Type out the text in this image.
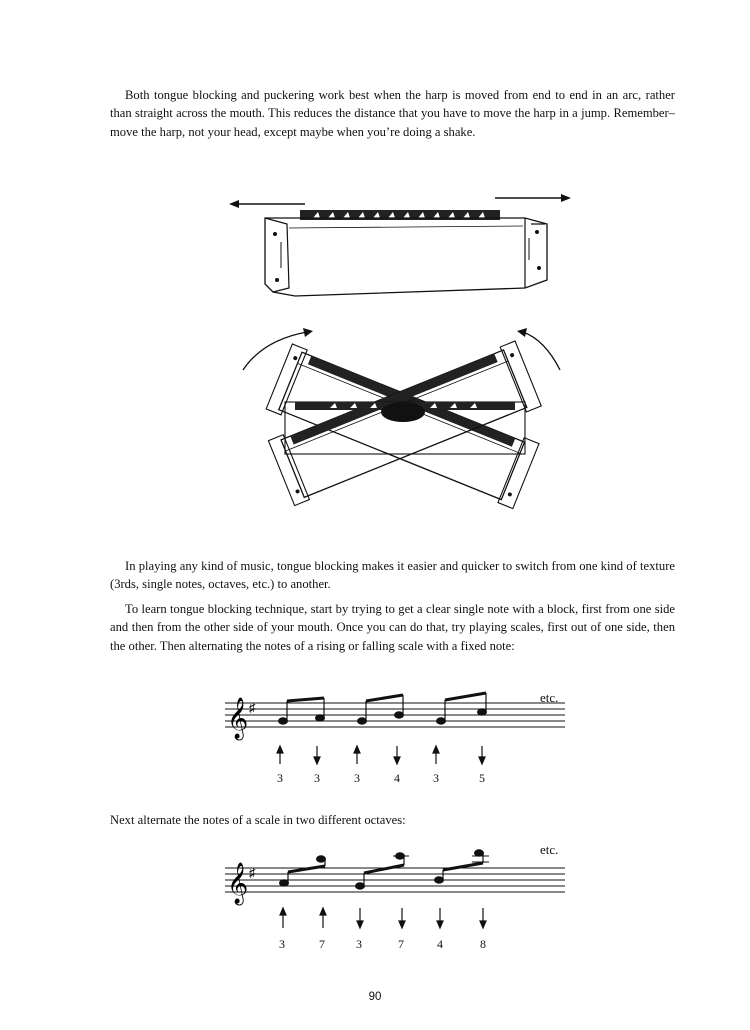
Both tongue blocking and puckering work best when the harp is moved from end to end in an arc, rather than straight across the mouth. This reduces the distance that you have to move the harp in a jump. Remember–move the harp, not your head, except maybe when you’re doing a shake.

In playing any kind of music, tongue blocking makes it easier and quicker to switch from one kind of texture (3rds, single notes, octaves, etc.) to another.

To learn tongue blocking technique, start by trying to get a clear single note with a block, first from one side and then from the other side of your mouth. Once you can do that, try playing scales, first out of one side, then the other. Then alternating the notes of a rising or falling scale with a fixed note:

𝄞 ♯
etc.
3	3	3	4	3	5

Next alternate the notes of a scale in two different octaves:

𝄞 ♯
etc.
3	7	3	7	4	8
90
